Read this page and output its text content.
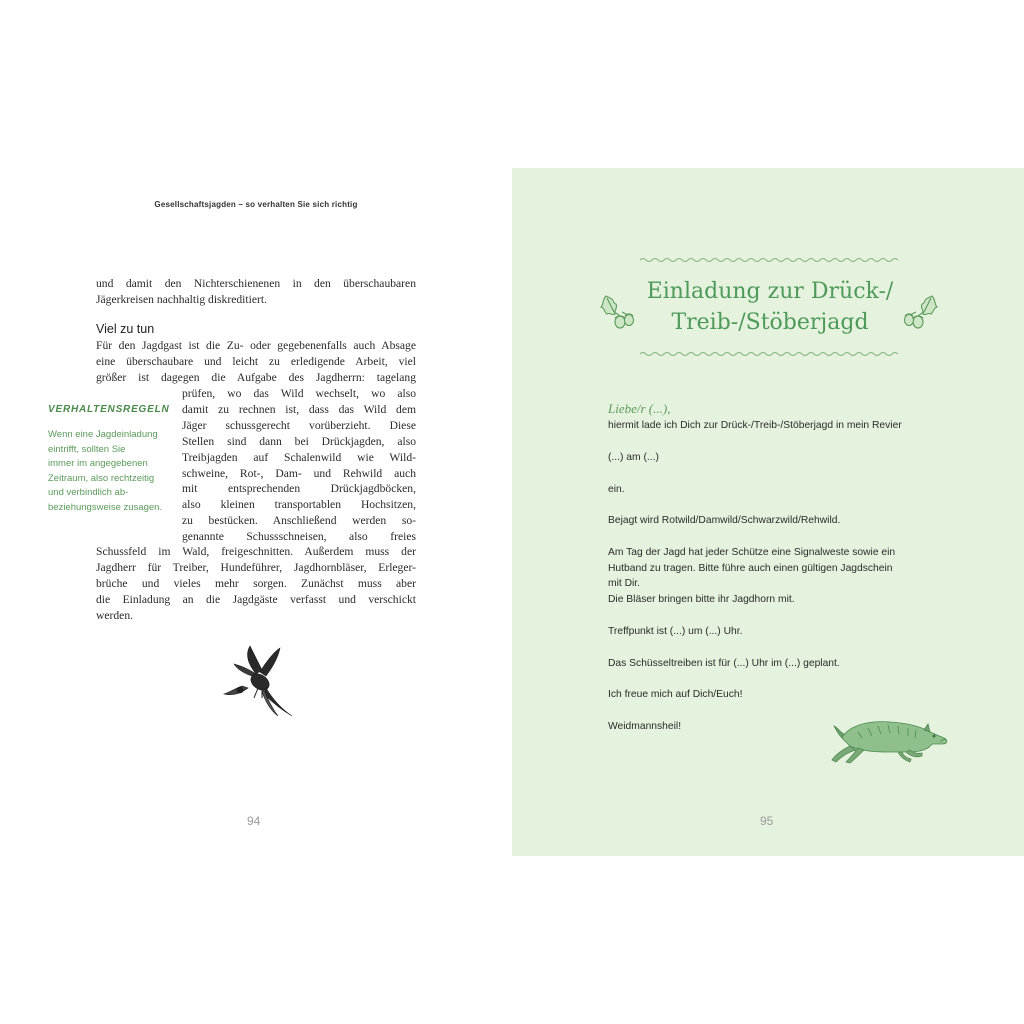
Gesellschaftsjagden – so verhalten Sie sich richtig
und damit den Nichterschienenen in den überschaubaren
Jägerkreisen nachhaltig diskreditiert.
Viel zu tun
Für den Jagdgast ist die Zu- oder gegebenenfalls auch Absage
eine überschaubare und leicht zu erledigende Arbeit, viel
größer ist dagegen die Aufgabe des Jagdherrn: tagelang
prüfen, wo das Wild wechselt, wo also
damit zu rechnen ist, dass das Wild dem
Jäger schussgerecht vorüberzieht. Diese
Stellen sind dann bei Drückjagden, also
Treibjagden auf Schalenwild wie Wild-
schweine, Rot-, Dam- und Rehwild auch
mit entsprechenden Drückjagdböcken,
also kleinen transportablen Hochsitzen,
zu bestücken. Anschließend werden so-
genannte Schussschneisen, also freies
Schussfeld im Wald, freigeschnitten. Außerdem muss der
Jagdherr für Treiber, Hundeführer, Jagdhornbläser, Erleger-
brüche und vieles mehr sorgen. Zunächst muss aber
die Einladung an die Jagdgäste verfasst und verschickt
werden.
VERHALTENSREGELN
Wenn eine Jagdeinladung
eintrifft, sollten Sie
immer im angegebenen
Zeitraum, also rechtzeitig
und verbindlich ab-
beziehungsweise zusagen.
94
Einladung zur Drück-/
Treib-/Stöberjagd
Liebe/r (...),
hiermit lade ich Dich zur Drück-/Treib-/Stöberjagd in mein Revier
(...) am (...)
ein.
Bejagt wird Rotwild/Damwild/Schwarzwild/Rehwild.
Am Tag der Jagd hat jeder Schütze eine Signalweste sowie ein
Hutband zu tragen. Bitte führe auch einen gültigen Jagdschein
mit Dir.
Die Bläser bringen bitte ihr Jagdhorn mit.
Treffpunkt ist (...) um (...) Uhr.
Das Schüsseltreiben ist für (...) Uhr im (...) geplant.
Ich freue mich auf Dich/Euch!
Weidmannsheil!
95
